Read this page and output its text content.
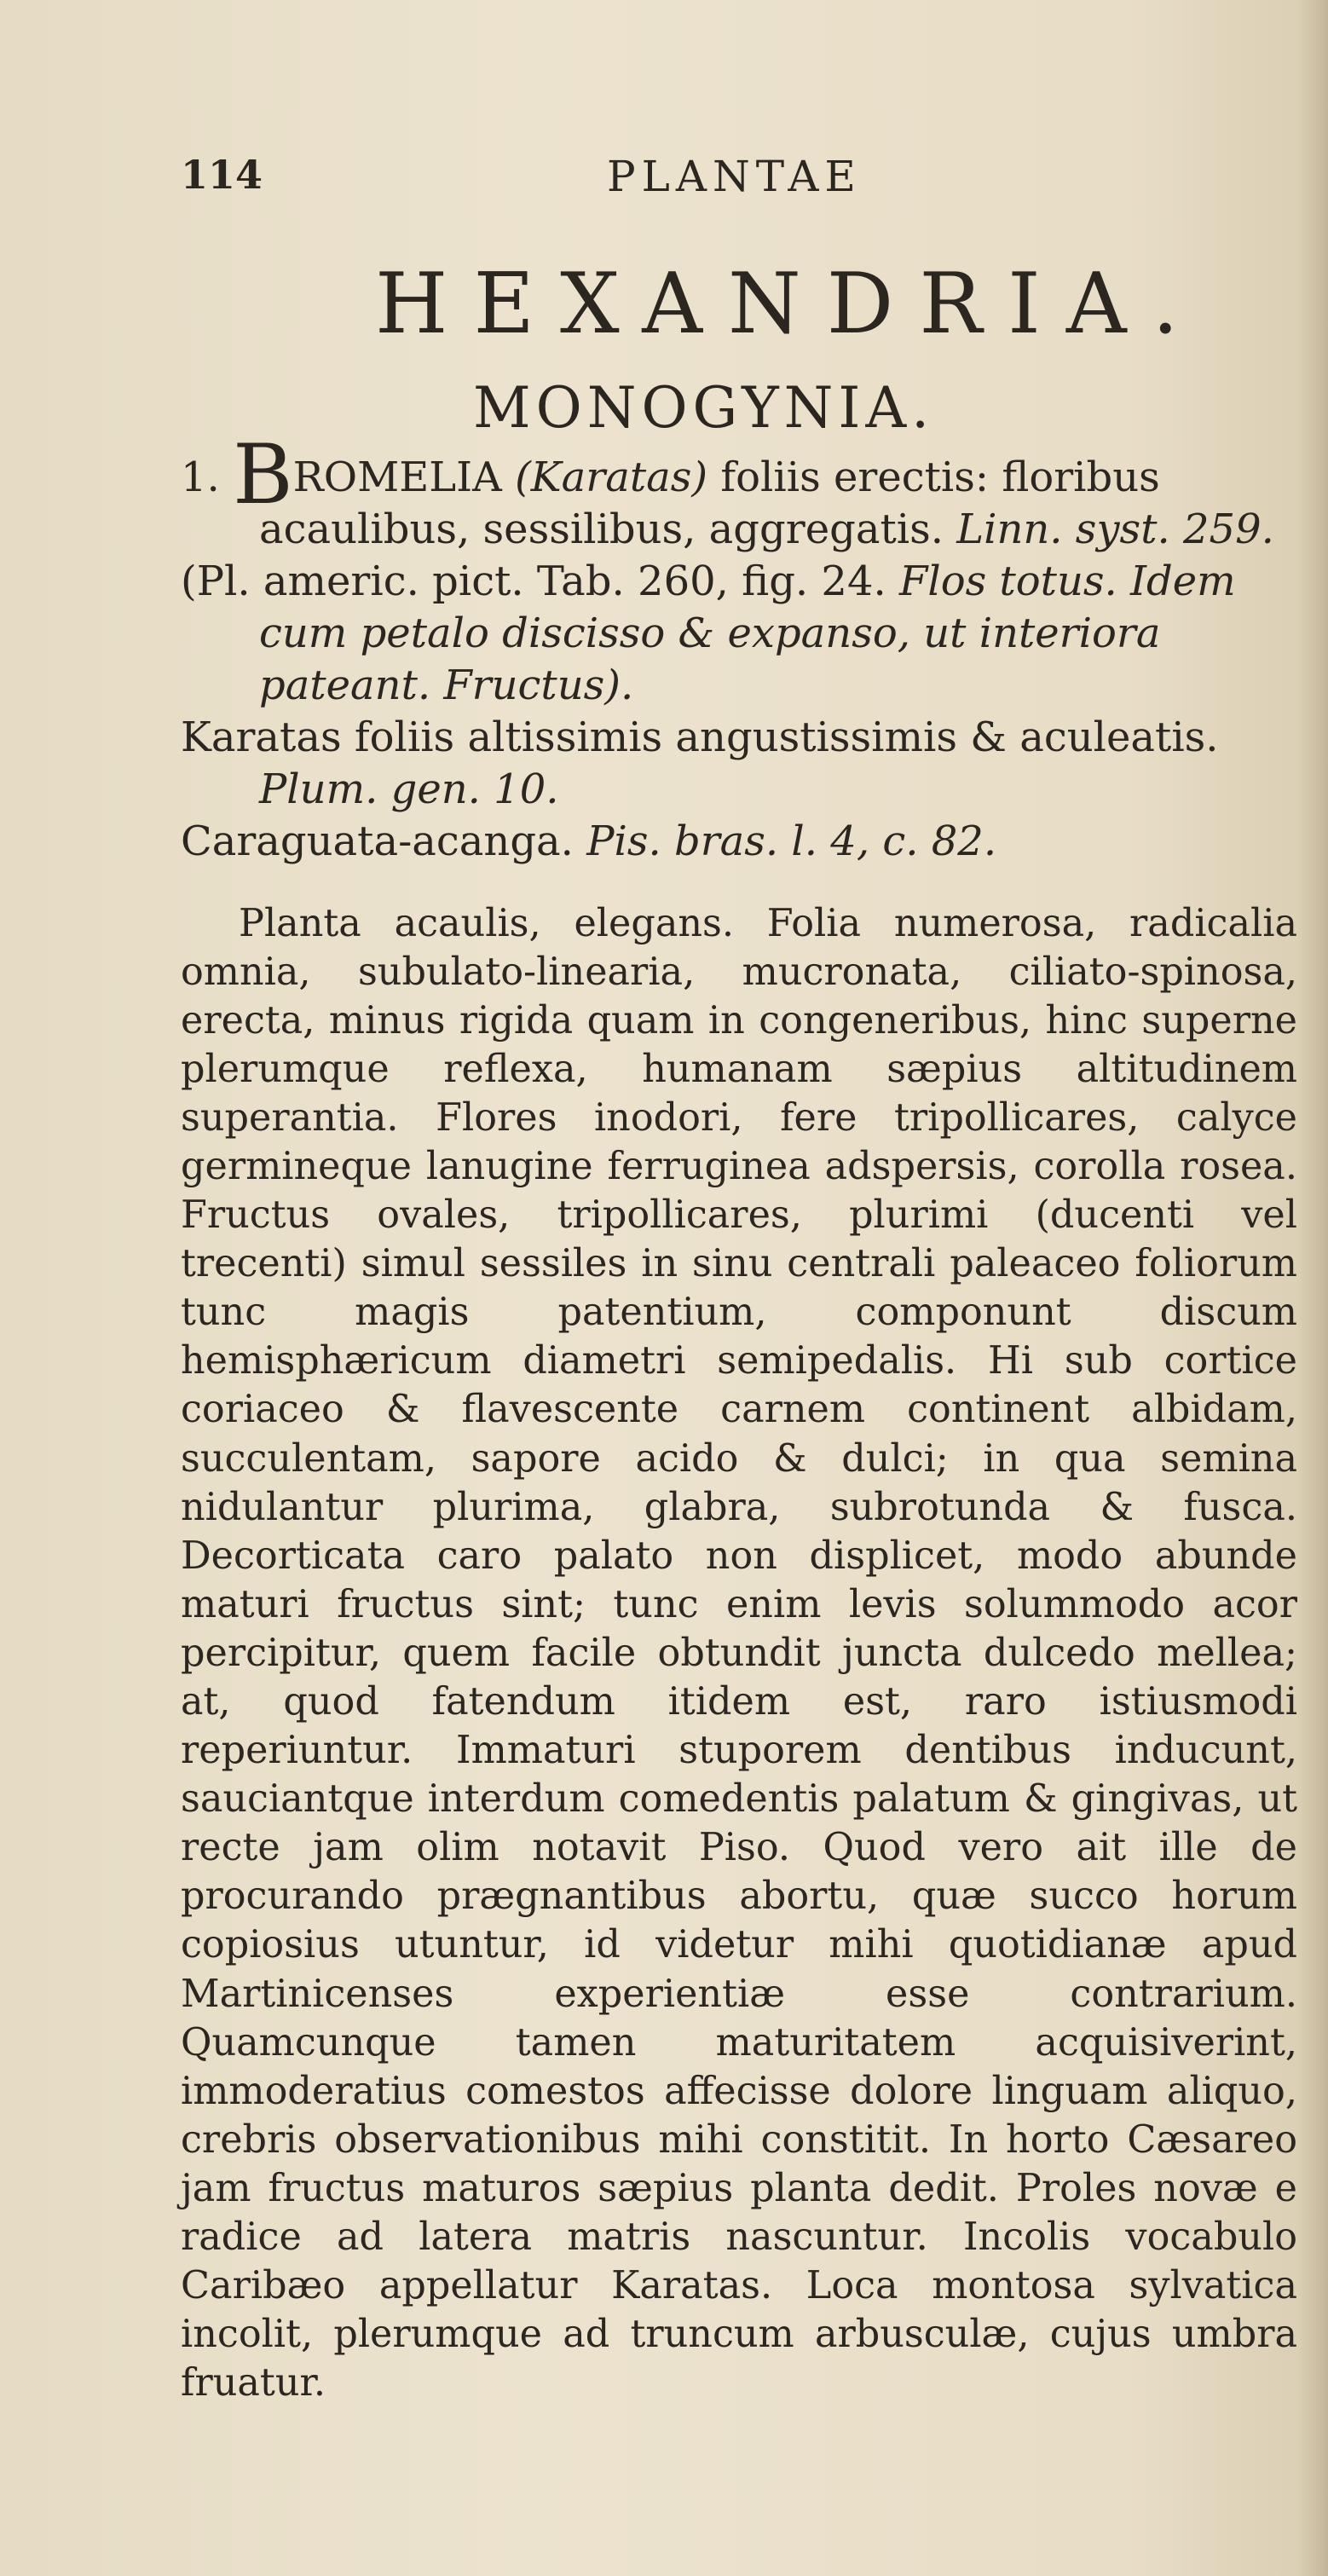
114	PLANTAE
HEXANDRIA.
MONOGYNIA.
1. BROMELIA (Karatas) foliis erectis: floribus acaulibus, sessilibus, aggregatis. Linn. syst. 259.
(Pl. americ. pict. Tab. 260, fig. 24. Flos totus. Idem cum petalo discisso & expanso, ut interiora pateant. Fructus).
Karatas foliis altissimis angustissimis & aculeatis. Plum. gen. 10.
Caraguata-acanga. Pis. bras. l. 4, c. 82.

Planta acaulis, elegans. Folia numerosa, radicalia omnia, subulato-linearia, mucronata, ciliato-spinosa, erecta, minus rigida quam in congeneribus, hinc superne plerumque reflexa, humanam sæpius altitudinem superantia. Flores inodori, fere tripollicares, calyce germineque lanugine ferruginea adspersis, corolla rosea. Fructus ovales, tripollicares, plurimi (ducenti vel trecenti) simul sessiles in sinu centrali paleaceo foliorum tunc magis patentium, componunt discum hemisphæricum diametri semipedalis. Hi sub cortice coriaceo & flavescente carnem continent albidam, succulentam, sapore acido & dulci; in qua semina nidulantur plurima, glabra, subrotunda & fusca. Decorticata caro palato non displicet, modo abunde maturi fructus sint; tunc enim levis solummodo acor percipitur, quem facile obtundit juncta dulcedo mellea; at, quod fatendum itidem est, raro istiusmodi reperiuntur. Immaturi stuporem dentibus inducunt, sauciantque interdum comedentis palatum & gingivas, ut recte jam olim notavit Piso. Quod vero ait ille de procurando prægnantibus abortu, quæ succo horum copiosius utuntur, id videtur mihi quotidianæ apud Martinicenses experientiæ esse contrarium. Quamcunque tamen maturitatem acquisiverint, immoderatius comestos affecisse dolore linguam aliquo, crebris observationibus mihi constitit. In horto Cæsareo jam fructus maturos sæpius planta dedit. Proles novæ e radice ad latera matris nascuntur. Incolis vocabulo Caribæo appellatur Karatas. Loca montosa sylvatica incolit, plerumque ad truncum arbusculæ, cujus umbra fruatur.
